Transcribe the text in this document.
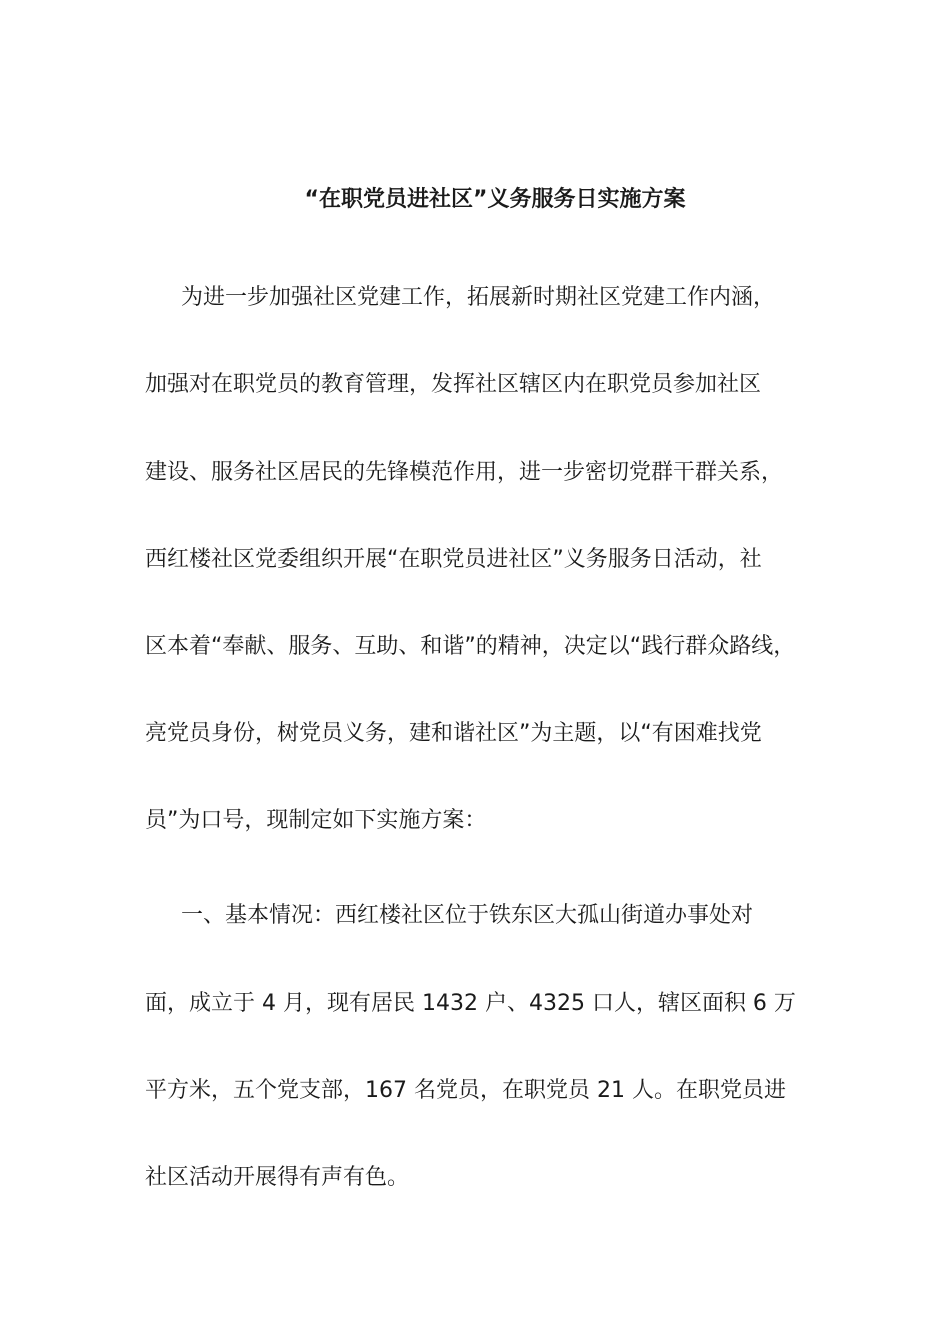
“在职党员进社区”义务服务日实施方案
为进一步加强社区党建工作，拓展新时期社区党建工作内涵，
加强对在职党员的教育管理，发挥社区辖区内在职党员参加社区
建设、服务社区居民的先锋模范作用，进一步密切党群干群关系，
西红楼社区党委组织开展“在职党员进社区”义务服务日活动，社
区本着“奉献、服务、互助、和谐”的精神，决定以“践行群众路线，
亮党员身份，树党员义务，建和谐社区”为主题，以“有困难找党
员”为口号，现制定如下实施方案：
一、基本情况：西红楼社区位于铁东区大孤山街道办事处对
面，成立于 4 月，现有居民 1432 户、4325 口人，辖区面积 6 万
平方米，五个党支部，167 名党员，在职党员 21 人。在职党员进
社区活动开展得有声有色。
